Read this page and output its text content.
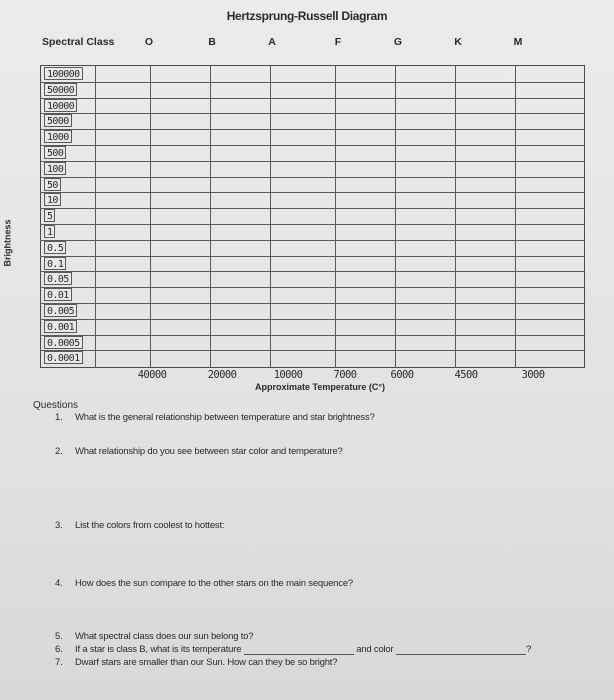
Hertzsprung-Russell Diagram
Spectral Class	O	B	A	F	G	K	M
Brightness
100000
50000
10000
5000
1000
500
100
50
10
5
1
0.5
0.1
0.05
0.01
0.005
0.001
0.0005
0.0001
40000	20000	10000	7000	6000	4500	3000
Approximate Temperature (C°)
Questions
1. What is the general relationship between temperature and star brightness?
2. What relationship do you see between star color and temperature?
3. List the colors from coolest to hottest:
4. How does the sun compare to the other stars on the main sequence?
5. What spectral class does our sun belong to?
6. If a star is class B, what is its temperature	and color	?
7. Dwarf stars are smaller than our Sun. How can they be so bright?
